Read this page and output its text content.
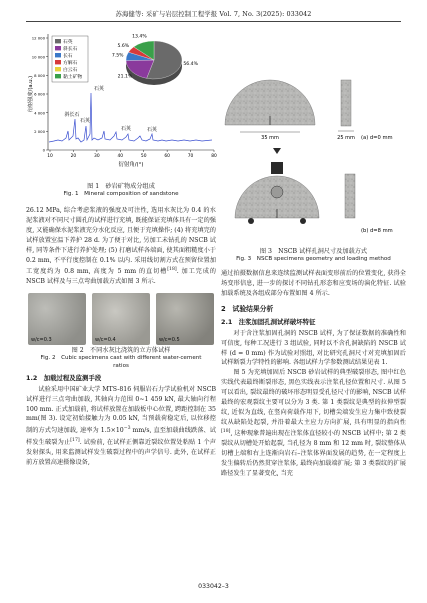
苏海健等: 采矿与岩层控制工程学报 Vol. 7, No. 3(2025): 033042
0
2 000
4 000
6 000
8 000
10 000
12 000
10	20	30	40	50	60	70	80
衍射强度/(a.u.)
衍射角/(°)
斜长石
石英
石英
石英	石英
石英
斜长石
长石
方解石
白云石
黏土矿物
56.4%
21.1%
7.5%
5.6%
13.4%
图 1　砂岩矿物成分组成
Fig. 1　Mineral composition of sandstone

26.12 MPa, 综合考虑浆液的强度及可注性, 选用水灰比为 0.4 的水泥浆液对不同尺寸圆孔的试样进行充填, 既能保证充填体具有一定的强度, 又能确保水泥浆液充分水化反应, 且便于充填操作; (4) 将充填完的试样放置室温下养护 28 d. 为了便于对比, 另加工未钻孔的 NSCB 试样, 同等条件下进行养护处理; (5) 打磨试样各端面, 使其面粗糙度小于 0.2 mm, 不平行度控制在 0.1% 以内. 采用线切割方式在预留位置加工宽度约为 0.8 mm, 高度为 5 mm 的直切槽[18]. 加工完成的 NSCB 试样及与三点弯曲加载方式如图 3 所示.

w/c=0.3	w/c=0.4	w/c=0.5
图 2　不同水灰比浇筑的立方体试样
Fig. 2　Cubic specimens cast with different water-cement
ratios
1.2　加载过程及监测手段

试验采用中国矿业大学 MTS-816 伺服岩石力学试验机对 NSCB 试样进行三点弯曲加载, 其轴向力范围 0~1 459 kN, 最大轴向行程 100 mm. 正式加载前, 将试样放置在加载板中心位置, 跨距控制在 35 mm(图 3). 设定初始接触力为 0.05 kN, 当预载荷稳定后, 以位移控制的方式匀速加载, 速率为 $1.5\times 10^{-3}$ mm/s, 直至加载曲线跌落、试样发生破裂为止[17]. 试验前, 在试样正侧靠近裂纹位置处粘贴 1 个声发射探头, 用来监测试样发生破裂过程中的声学信号. 此外, 在试样正前方放置高速摄像设备,

35 mm	25 mm (a) d=0 mm
(b) d=8 mm
图 3　NSCB 试样孔洞尺寸及加载方式
Fig. 3　NSCB specimens geometry and loading method

通过拍摄数据信息来连续监测试样表面变形前后的位置变化, 获得全场变形信息, 进一步的探讨不同钻孔形态和应变场的演化特征. 试验加载系统及各组成部分布置如图 4 所示.

2　试验结果分析
2.1　注浆加固孔洞试样破坏特征

对于含注浆加固孔洞的 NSCB 试样, 为了保证数据的准确性和可信度, 每种工况进行 3 组试验, 同时以不含孔洞缺陷的 NSCB 试样 (d = 0 mm) 作为试验对照组, 对比研究孔洞尺寸对充填加固后试样断裂力学特性的影响. 各组试样力学参数测试结果见表 1.

图 5 为充填加固后 NSCB 砂岩试样的典型破裂形态, 图中红色实线代表最终断裂形态, 黑色实线表示注浆孔径位置和尺寸. 从图 5 可以看出, 裂纹最终的破坏形态明显受孔径尺寸的影响, NSCB 试样最终的宏观裂纹主要可以分为 3 类. 第 1 类裂纹是典型的拉伸型裂纹, 近似为直线, 在竖向荷载作用下, 切槽尖端发生应力集中致使裂纹从缺陷处起裂, 并沿着最大主应力方向扩展, 具有明显的指向性[18], 这种现象普遍出现在注浆体直径较小的 NSCB 试样中; 第 2 类裂纹从切槽处开始起裂, 当孔径为 8 mm 和 12 mm 时, 裂纹整体从切槽上端和右上连渐向岩石–注浆体界面发展的趋势, 在一定程度上发生偏转后仍然贯穿注浆体, 最终向加载端扩展; 第 3 类裂纹的扩展路径发生了显著变化, 当充

033042–3
